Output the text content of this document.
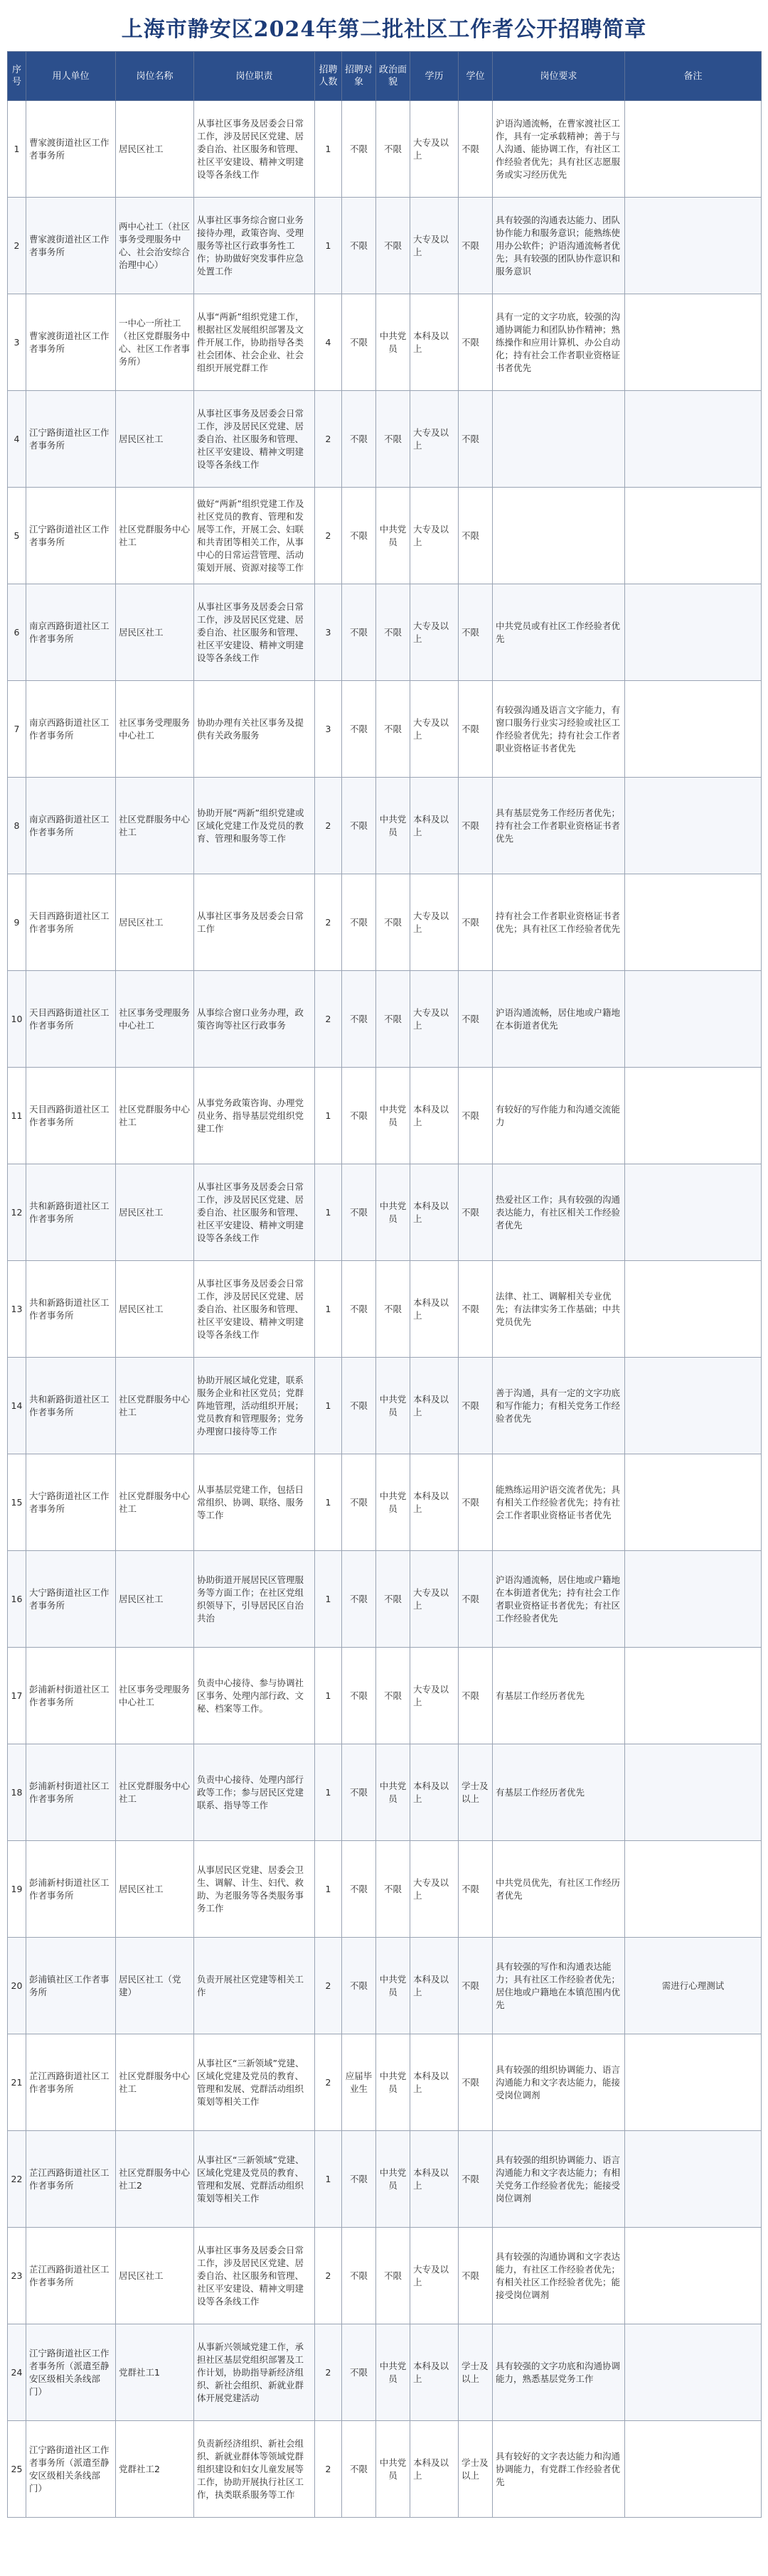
上海市静安区2024年第二批社区工作者公开招聘简章
序号	用人单位	岗位名称	岗位职责	招聘人数	招聘对象	政治面貌	学历	学位	岗位要求	备注

1	曹家渡街道社区工作者事务所	居民区社工	从事社区事务及居委会日常工作，涉及居民区党建、居委自治、社区服务和管理、社区平安建设、精神文明建设等各条线工作	1	不限	不限	大专及以上	不限	沪语沟通流畅，在曹家渡社区工作，具有一定承载精神；善于与人沟通、能协调工作，有社区工作经验者优先；具有社区志愿服务或实习经历优先	

2	曹家渡街道社区工作者事务所	两中心社工（社区事务受理服务中心、社会治安综合治理中心）	从事社区事务综合窗口业务接待办理，政策咨询、受理服务等社区行政事务性工作；协助做好突发事件应急处置工作	1	不限	不限	大专及以上	不限	具有较强的沟通表达能力、团队协作能力和服务意识；能熟练使用办公软件；沪语沟通流畅者优先；具有较强的团队协作意识和服务意识	

3	曹家渡街道社区工作者事务所	一中心一所社工（社区党群服务中心、社区工作者事务所）	从事“两新”组织党建工作，根据社区发展组织部署及文件开展工作，协助指导各类社会团体、社会企业、社会组织开展党群工作	4	不限	中共党员	本科及以上	不限	具有一定的文字功底，较强的沟通协调能力和团队协作精神；熟练操作和应用计算机、办公自动化；持有社会工作者职业资格证书者优先	

4	江宁路街道社区工作者事务所	居民区社工	从事社区事务及居委会日常工作，涉及居民区党建、居委自治、社区服务和管理、社区平安建设、精神文明建设等各条线工作	2	不限	不限	大专及以上	不限		

5	江宁路街道社区工作者事务所	社区党群服务中心社工	做好“两新”组织党建工作及社区党员的教育、管理和发展等工作，开展工会、妇联和共青团等相关工作，从事中心的日常运营管理、活动策划开展、资源对接等工作	2	不限	中共党员	大专及以上	不限		

6	南京西路街道社区工作者事务所	居民区社工	从事社区事务及居委会日常工作，涉及居民区党建、居委自治、社区服务和管理、社区平安建设、精神文明建设等各条线工作	3	不限	不限	大专及以上	不限	中共党员或有社区工作经验者优先	

7	南京西路街道社区工作者事务所	社区事务受理服务中心社工	协助办理有关社区事务及提供有关政务服务	3	不限	不限	大专及以上	不限	有较强沟通及语言文字能力，有窗口服务行业实习经验或社区工作经验者优先；持有社会工作者职业资格证书者优先	

8	南京西路街道社区工作者事务所	社区党群服务中心社工	协助开展“两新”组织党建或区域化党建工作及党员的教育、管理和服务等工作	2	不限	中共党员	本科及以上	不限	具有基层党务工作经历者优先；持有社会工作者职业资格证书者优先	

9	天目西路街道社区工作者事务所	居民区社工	从事社区事务及居委会日常工作	2	不限	不限	大专及以上	不限	持有社会工作者职业资格证书者优先；具有社区工作经验者优先	

10	天目西路街道社区工作者事务所	社区事务受理服务中心社工	从事综合窗口业务办理，政策咨询等社区行政事务	2	不限	不限	大专及以上	不限	沪语沟通流畅，居住地或户籍地在本街道者优先	

11	天目西路街道社区工作者事务所	社区党群服务中心社工	从事党务政策咨询、办理党员业务、指导基层党组织党建工作	1	不限	中共党员	本科及以上	不限	有较好的写作能力和沟通交流能力	

12	共和新路街道社区工作者事务所	居民区社工	从事社区事务及居委会日常工作，涉及居民区党建、居委自治、社区服务和管理、社区平安建设、精神文明建设等各条线工作	1	不限	中共党员	本科及以上	不限	热爱社区工作；具有较强的沟通表达能力，有社区相关工作经验者优先	

13	共和新路街道社区工作者事务所	居民区社工	从事社区事务及居委会日常工作，涉及居民区党建、居委自治、社区服务和管理、社区平安建设、精神文明建设等各条线工作	1	不限	不限	本科及以上	不限	法律、社工、调解相关专业优先；有法律实务工作基础；中共党员优先	

14	共和新路街道社区工作者事务所	社区党群服务中心社工	协助开展区域化党建，联系服务企业和社区党员；党群阵地管理，活动组织开展；党员教育和管理服务；党务办理窗口接待等工作	1	不限	中共党员	本科及以上	不限	善于沟通，具有一定的文字功底和写作能力；有相关党务工作经验者优先	

15	大宁路街道社区工作者事务所	社区党群服务中心社工	从事基层党建工作，包括日常组织、协调、联络、服务等工作	1	不限	中共党员	本科及以上	不限	能熟练运用沪语交流者优先；具有相关工作经验者优先；持有社会工作者职业资格证书者优先	

16	大宁路街道社区工作者事务所	居民区社工	协助街道开展居民区管理服务等方面工作；在社区党组织领导下，引导居民区自治共治	1	不限	不限	大专及以上	不限	沪语沟通流畅，居住地或户籍地在本街道者优先；持有社会工作者职业资格证书者优先；有社区工作经验者优先	

17	彭浦新村街道社区工作者事务所	社区事务受理服务中心社工	负责中心接待、参与协调社区事务、处理内部行政、文秘、档案等工作。	1	不限	不限	大专及以上	不限	有基层工作经历者优先	

18	彭浦新村街道社区工作者事务所	社区党群服务中心社工	负责中心接待、处理内部行政等工作；参与居民区党建联系、指导等工作	1	不限	中共党员	本科及以上	学士及以上	有基层工作经历者优先	

19	彭浦新村街道社区工作者事务所	居民区社工	从事居民区党建、居委会卫生、调解、计生、妇代、救助、为老服务等各类服务事务工作	1	不限	不限	大专及以上	不限	中共党员优先，有社区工作经历者优先	

20	彭浦镇社区工作者事务所	居民区社工（党建）	负责开展社区党建等相关工作	2	不限	中共党员	本科及以上	不限	具有较强的写作和沟通表达能力；具有社区工作经验者优先；居住地或户籍地在本镇范围内优先	需进行心理测试

21	芷江西路街道社区工作者事务所	社区党群服务中心社工	从事社区“三新领域”党建、区域化党建及党员的教育、管理和发展、党群活动组织策划等相关工作	2	应届毕业生	中共党员	本科及以上	不限	具有较强的组织协调能力、语言沟通能力和文字表达能力，能接受岗位调剂	

22	芷江西路街道社区工作者事务所	社区党群服务中心社工2	从事社区“三新领域”党建、区域化党建及党员的教育、管理和发展、党群活动组织策划等相关工作	1	不限	中共党员	本科及以上	不限	具有较强的组织协调能力、语言沟通能力和文字表达能力；有相关党务工作经验者优先；能接受岗位调剂	

23	芷江西路街道社区工作者事务所	居民区社工	从事社区事务及居委会日常工作，涉及居民区党建、居委自治、社区服务和管理、社区平安建设、精神文明建设等各条线工作	2	不限	不限	大专及以上	不限	具有较强的沟通协调和文字表达能力，有社区工作经验者优先；有相关社区工作经验者优先；能接受岗位调剂	

24	江宁路街道社区工作者事务所（派遣至静安区级相关条线部门）	党群社工1	从事新兴领域党建工作，承担社区基层党组织部署及工作计划，协助指导新经济组织、新社会组织、新就业群体开展党建活动	2	不限	中共党员	本科及以上	学士及以上	具有较强的文字功底和沟通协调能力，熟悉基层党务工作	

25	江宁路街道社区工作者事务所（派遣至静安区级相关条线部门）	党群社工2	负责新经济组织、新社会组织、新就业群体等领域党群组织建设和妇女儿童发展等工作，协助开展执行社区工作，执类联系服务等工作	2	不限	中共党员	本科及以上	学士及以上	具有较好的文字表达能力和沟通协调能力，有党群工作经验者优先	
